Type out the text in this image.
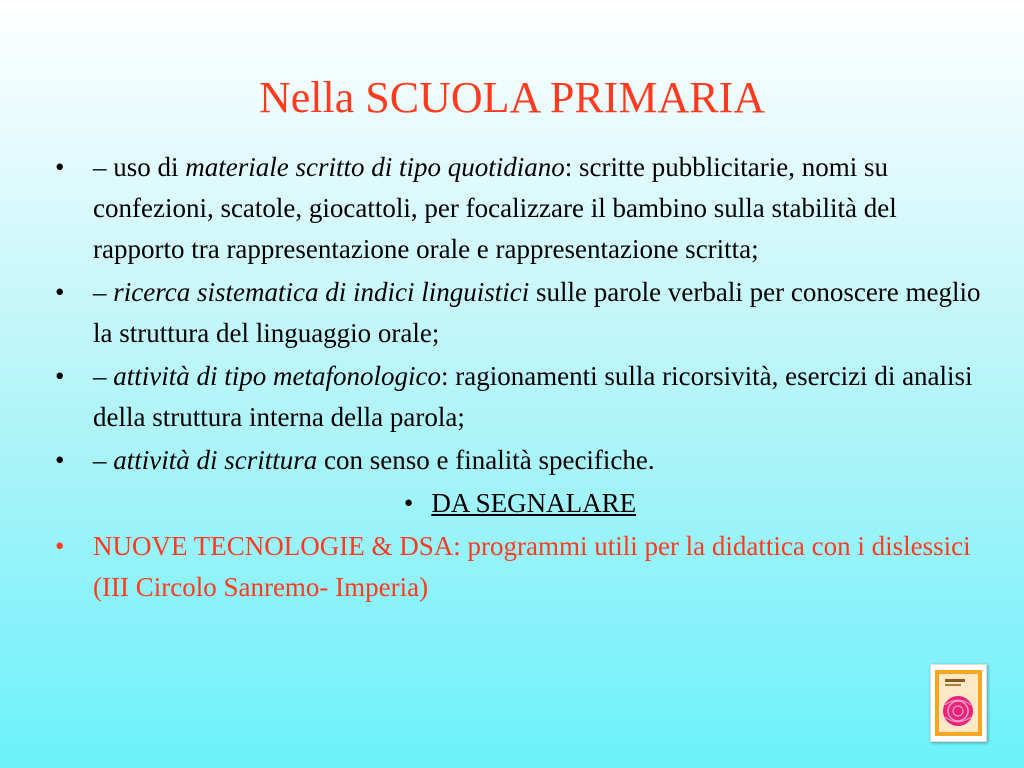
Nella SCUOLA PRIMARIA
•	– uso di materiale scritto di tipo quotidiano: scritte pubblicitarie, nomi su confezioni, scatole, giocattoli, per focalizzare il bambino sulla stabilità del rapporto tra rappresentazione orale e rappresentazione scritta;
•	– ricerca sistematica di indici linguistici sulle parole verbali per conoscere meglio la struttura del linguaggio orale;
•	– attività di tipo metafonologico: ragionamenti sulla ricorsività, esercizi di analisi della struttura interna della parola;
•	– attività di scrittura con senso e finalità specifiche.
• DA SEGNALARE
•	NUOVE TECNOLOGIE & DSA: programmi utili per la didattica con i dislessici (III Circolo Sanremo- Imperia)
